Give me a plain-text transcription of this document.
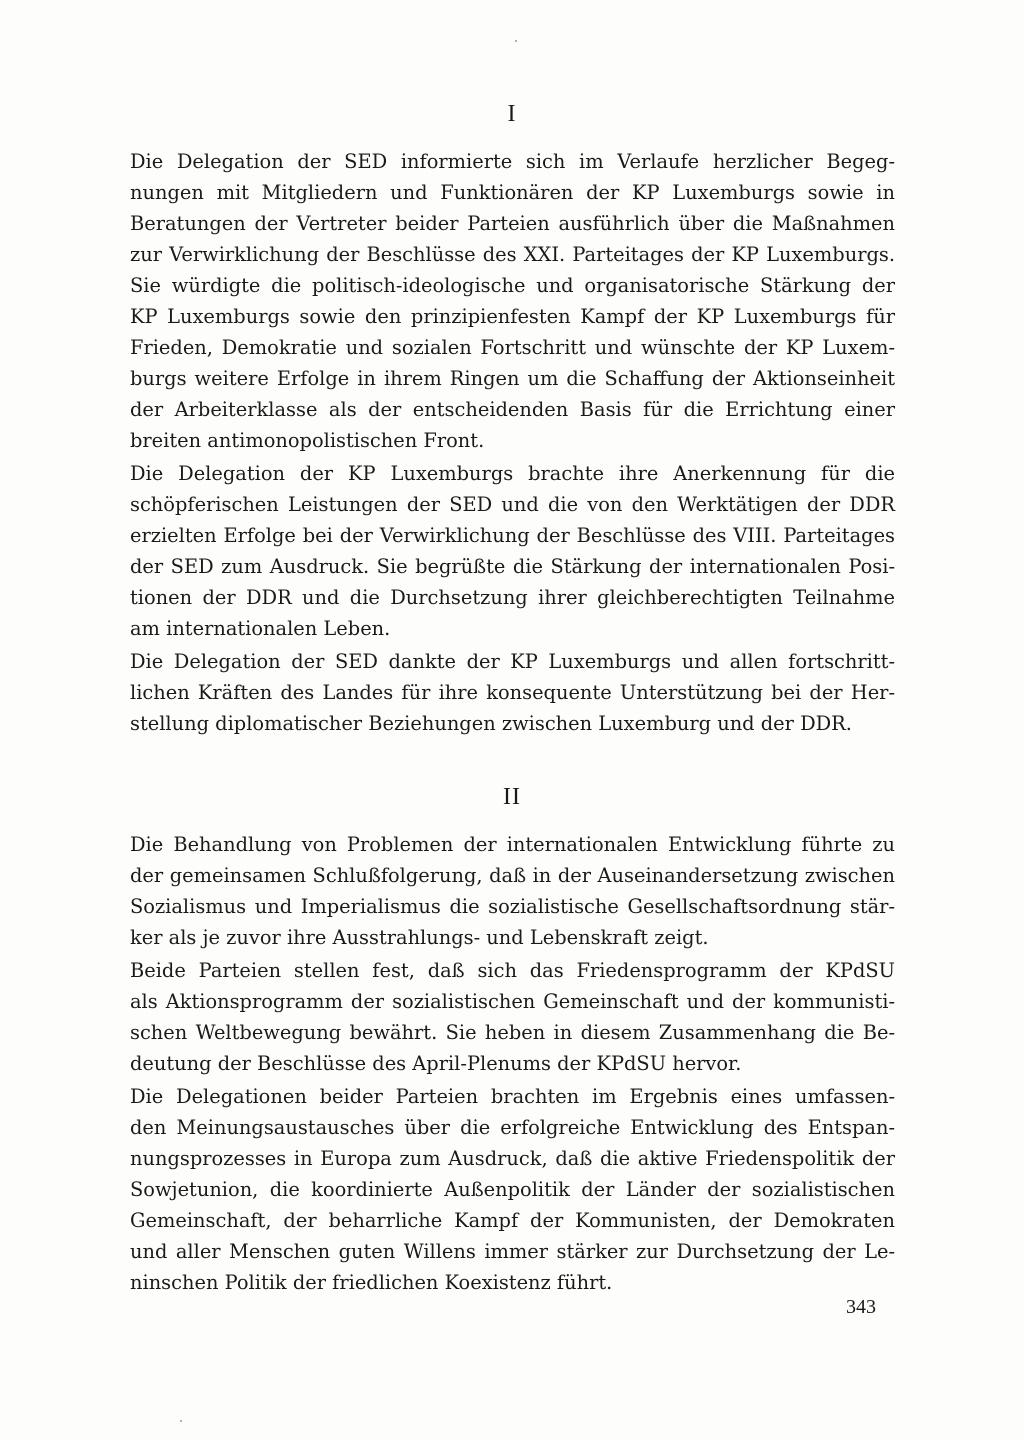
I

Die Delegation der SED informierte sich im Verlaufe herzlicher Begeg-
nungen mit Mitgliedern und Funktionären der KP Luxemburgs sowie in
Beratungen der Vertreter beider Parteien ausführlich über die Maßnahmen
zur Verwirklichung der Beschlüsse des XXI. Parteitages der KP Luxemburgs.
Sie würdigte die politisch-ideologische und organisatorische Stärkung der
KP Luxemburgs sowie den prinzipienfesten Kampf der KP Luxemburgs für
Frieden, Demokratie und sozialen Fortschritt und wünschte der KP Luxem-
burgs weitere Erfolge in ihrem Ringen um die Schaffung der Aktionseinheit
der Arbeiterklasse als der entscheidenden Basis für die Errichtung einer
breiten antimonopolistischen Front.

Die Delegation der KP Luxemburgs brachte ihre Anerkennung für die
schöpferischen Leistungen der SED und die von den Werktätigen der DDR
erzielten Erfolge bei der Verwirklichung der Beschlüsse des VIII. Parteitages
der SED zum Ausdruck. Sie begrüßte die Stärkung der internationalen Posi-
tionen der DDR und die Durchsetzung ihrer gleichberechtigten Teilnahme
am internationalen Leben.

Die Delegation der SED dankte der KP Luxemburgs und allen fortschritt-
lichen Kräften des Landes für ihre konsequente Unterstützung bei der Her-
stellung diplomatischer Beziehungen zwischen Luxemburg und der DDR.

II

Die Behandlung von Problemen der internationalen Entwicklung führte zu
der gemeinsamen Schlußfolgerung, daß in der Auseinandersetzung zwischen
Sozialismus und Imperialismus die sozialistische Gesellschaftsordnung stär-
ker als je zuvor ihre Ausstrahlungs- und Lebenskraft zeigt.

Beide Parteien stellen fest, daß sich das Friedensprogramm der KPdSU
als Aktionsprogramm der sozialistischen Gemeinschaft und der kommunisti-
schen Weltbewegung bewährt. Sie heben in diesem Zusammenhang die Be-
deutung der Beschlüsse des April-Plenums der KPdSU hervor.

Die Delegationen beider Parteien brachten im Ergebnis eines umfassen-
den Meinungsaustausches über die erfolgreiche Entwicklung des Entspan-
nungsprozesses in Europa zum Ausdruck, daß die aktive Friedenspolitik der
Sowjetunion, die koordinierte Außenpolitik der Länder der sozialistischen
Gemeinschaft, der beharrliche Kampf der Kommunisten, der Demokraten
und aller Menschen guten Willens immer stärker zur Durchsetzung der Le-
ninschen Politik der friedlichen Koexistenz führt.

343
